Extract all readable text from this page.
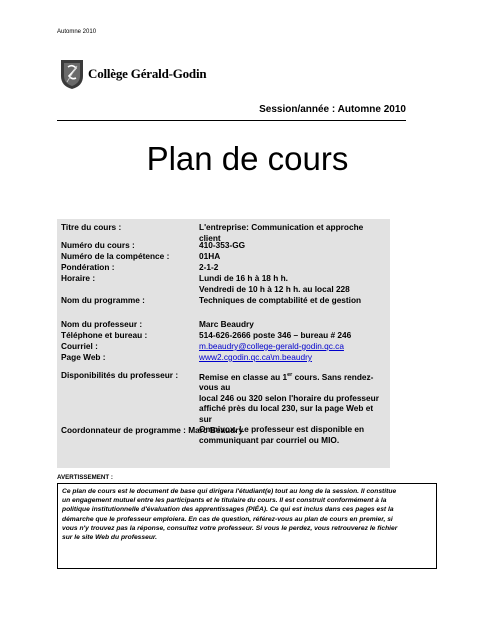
Automne 2010
Collège Gérald-Godin
Session/année : Automne 2010
Plan de cours
Titre du cours :	L'entreprise: Communication et approche client
Numéro du cours :	410-353-GG
Numéro de la compétence :	01HA
Pondération :	2-1-2
Horaire :	Lundi de 16 h à 18 h h.
Vendredi de 10 h à 12 h h. au local 228
Nom du programme :	Techniques de comptabilité et de gestion
Nom du professeur :	Marc Beaudry
Téléphone et bureau :	514-626-2666 poste 346 – bureau # 246
Courriel :	m.beaudry@college-gerald-godin.qc.ca
Page Web :	www2.cgodin.qc.ca\m.beaudry
Disponibilités du professeur :	Remise en classe au 1er cours. Sans rendez-vous au
local 246 ou 320 selon l'horaire du professeur
affiché près du local 230, sur la page Web et sur
Omnivox. Le professeur est disponible en
communiquant par courriel ou MIO.
Coordonnateur de programme : Marc Beaudry
AVERTISSEMENT :
Ce plan de cours est le document de base qui dirigera l'étudiant(e) tout au long de la session. Il constitue
un engagement mutuel entre les participants et le titulaire du cours. Il est construit conformément à la
politique institutionnelle d'évaluation des apprentissages (PIÉA). Ce qui est inclus dans ces pages est la
démarche que le professeur emploiera. En cas de question, référez-vous au plan de cours en premier, si
vous n'y trouvez pas la réponse, consultez votre professeur. Si vous le perdez, vous retrouverez le fichier
sur le site Web du professeur.
